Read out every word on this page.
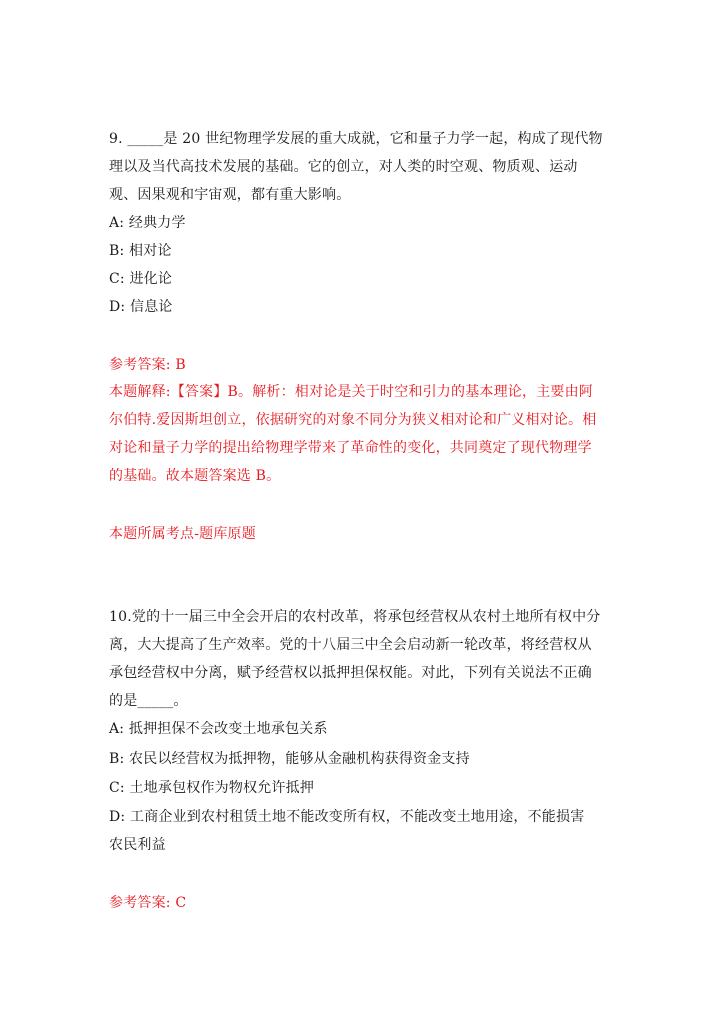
9. _____是 20 世纪物理学发展的重大成就，它和量子力学一起，构成了现代物
理以及当代高技术发展的基础。它的创立，对人类的时空观、物质观、运动
观、因果观和宇宙观，都有重大影响。
A: 经典力学
B: 相对论
C: 进化论
D: 信息论
参考答案: B
本题解释:【答案】B。解析：相对论是关于时空和引力的基本理论，主要由阿
尔伯特.爱因斯坦创立，依据研究的对象不同分为狭义相对论和广义相对论。相
对论和量子力学的提出给物理学带来了革命性的变化，共同奠定了现代物理学
的基础。故本题答案选 B。
本题所属考点-题库原题
10.党的十一届三中全会开启的农村改革，将承包经营权从农村土地所有权中分
离，大大提高了生产效率。党的十八届三中全会启动新一轮改革，将经营权从
承包经营权中分离，赋予经营权以抵押担保权能。对此，下列有关说法不正确
的是_____。
A: 抵押担保不会改变土地承包关系
B: 农民以经营权为抵押物，能够从金融机构获得资金支持
C: 土地承包权作为物权允许抵押
D: 工商企业到农村租赁土地不能改变所有权，不能改变土地用途，不能损害
农民利益
参考答案: C
